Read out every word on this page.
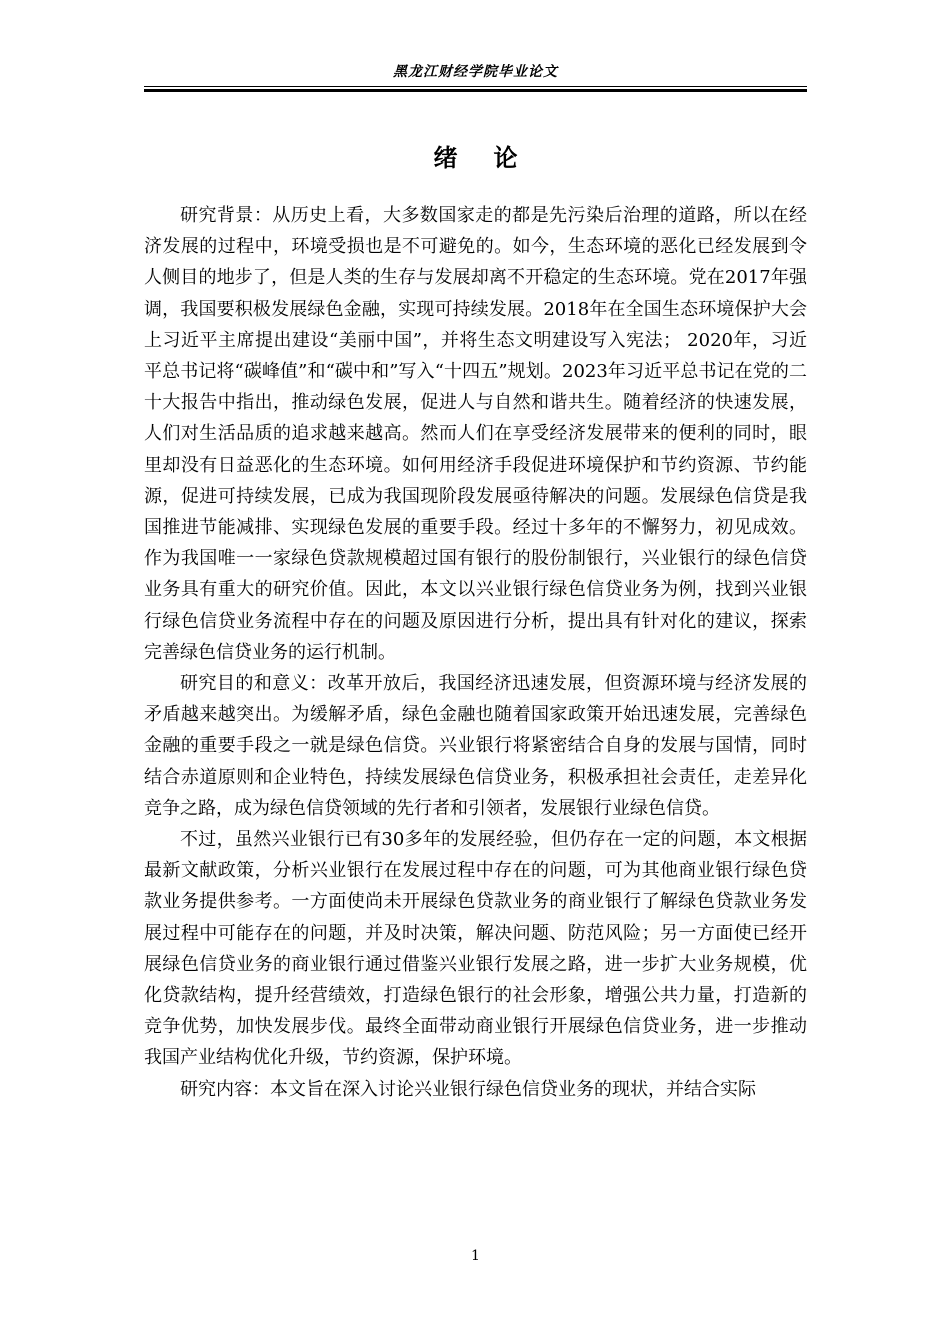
黑龙江财经学院毕业论文
绪论

研究背景：从历史上看，大多数国家走的都是先污染后治理的道路，所以在经济发展的过程中，环境受损也是不可避免的。如今，生态环境的恶化已经发展到令人侧目的地步了，但是人类的生存与发展却离不开稳定的生态环境。党在2017年强调，我国要积极发展绿色金融，实现可持续发展。2018年在全国生态环境保护大会上习近平主席提出建设“美丽中国”，并将生态文明建设写入宪法； 2020年，习近平总书记将“碳峰值”和“碳中和”写入“十四五”规划。2023年习近平总书记在党的二十大报告中指出，推动绿色发展，促进人与自然和谐共生。随着经济的快速发展，人们对生活品质的追求越来越高。然而人们在享受经济发展带来的便利的同时，眼里却没有日益恶化的生态环境。如何用经济手段促进环境保护和节约资源、节约能源，促进可持续发展，已成为我国现阶段发展亟待解决的问题。发展绿色信贷是我国推进节能减排、实现绿色发展的重要手段。经过十多年的不懈努力，初见成效。作为我国唯一一家绿色贷款规模超过国有银行的股份制银行，兴业银行的绿色信贷业务具有重大的研究价值。因此，本文以兴业银行绿色信贷业务为例，找到兴业银行绿色信贷业务流程中存在的问题及原因进行分析，提出具有针对化的建议，探索完善绿色信贷业务的运行机制。

研究目的和意义：改革开放后，我国经济迅速发展，但资源环境与经济发展的矛盾越来越突出。为缓解矛盾，绿色金融也随着国家政策开始迅速发展，完善绿色金融的重要手段之一就是绿色信贷。兴业银行将紧密结合自身的发展与国情，同时结合赤道原则和企业特色，持续发展绿色信贷业务，积极承担社会责任，走差异化竞争之路，成为绿色信贷领域的先行者和引领者，发展银行业绿色信贷。

不过，虽然兴业银行已有30多年的发展经验，但仍存在一定的问题，本文根据最新文献政策，分析兴业银行在发展过程中存在的问题，可为其他商业银行绿色贷款业务提供参考。一方面使尚未开展绿色贷款业务的商业银行了解绿色贷款业务发展过程中可能存在的问题，并及时决策，解决问题、防范风险；另一方面使已经开展绿色信贷业务的商业银行通过借鉴兴业银行发展之路，进一步扩大业务规模，优化贷款结构，提升经营绩效，打造绿色银行的社会形象，增强公共力量，打造新的竞争优势，加快发展步伐。最终全面带动商业银行开展绿色信贷业务，进一步推动我国产业结构优化升级，节约资源，保护环境。

研究内容：本文旨在深入讨论兴业银行绿色信贷业务的现状，并结合实际

1
